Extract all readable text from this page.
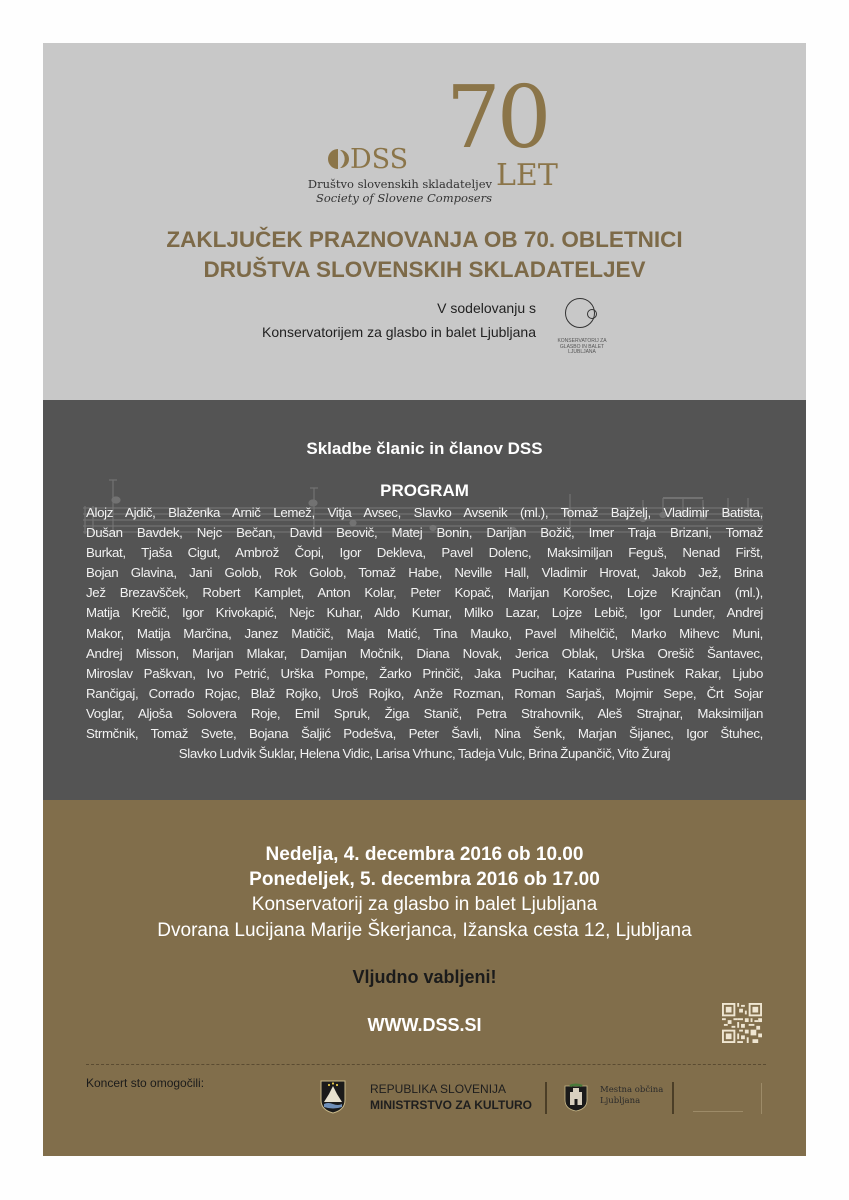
DSS 70
LET
Društvo slovenskih skladateljev
Society of Slovene Composers
ZAKLJUČEK PRAZNOVANJA OB 70. OBLETNICI
DRUŠTVA SLOVENSKIH SKLADATELJEV
V sodelovanju s
Konservatorijem za glasbo in balet Ljubljana
KONSERVATORIJ ZA
GLASBO IN BALET
LJUBLJANA
Skladbe članic in članov DSS
PROGRAM
Alojz Ajdič, Blaženka Arnič Lemež, Vitja Avsec, Slavko Avsenik (ml.), Tomaž Bajželj, Vladimir Batista,
Dušan Bavdek, Nejc Bečan, David Beovič, Matej Bonin, Darijan Božič, Imer Traja Brizani, Tomaž
Burkat, Tjaša Cigut, Ambrož Čopi, Igor Dekleva, Pavel Dolenc, Maksimiljan Feguš, Nenad Firšt,
Bojan Glavina, Jani Golob, Rok Golob, Tomaž Habe, Neville Hall, Vladimir Hrovat, Jakob Jež, Brina
Jež Brezavšček, Robert Kamplet, Anton Kolar, Peter Kopač, Marijan Korošec, Lojze Krajnčan (ml.),
Matija Krečič, Igor Krivokapić, Nejc Kuhar, Aldo Kumar, Milko Lazar, Lojze Lebič, Igor Lunder, Andrej
Makor, Matija Marčina, Janez Matičič, Maja Matić, Tina Mauko, Pavel Mihelčič, Marko Mihevc Muni,
Andrej Misson, Marijan Mlakar, Damijan Močnik, Diana Novak, Jerica Oblak, Urška Orešič Šantavec,
Miroslav Paškvan, Ivo Petrić, Urška Pompe, Žarko Prinčič, Jaka Pucihar, Katarina Pustinek Rakar, Ljubo
Rančigaj, Corrado Rojac, Blaž Rojko, Uroš Rojko, Anže Rozman, Roman Sarjaš, Mojmir Sepe, Črt Sojar
Voglar, Aljoša Solovera Roje, Emil Spruk, Žiga Stanič, Petra Strahovnik, Aleš Strajnar, Maksimiljan
Strmčnik, Tomaž Svete, Bojana Šaljić Podešva, Peter Šavli, Nina Šenk, Marjan Šijanec, Igor Štuhec,
Slavko Ludvik Šuklar, Helena Vidic, Larisa Vrhunc, Tadeja Vulc, Brina Župančič, Vito Žuraj
Nedelja, 4. decembra 2016 ob 10.00
Ponedeljek, 5. decembra 2016 ob 17.00
Konservatorij za glasbo in balet Ljubljana
Dvorana Lucijana Marije Škerjanca, Ižanska cesta 12, Ljubljana
Vljudno vabljeni!
WWW.DSS.SI
Koncert sto omogočili:	REPUBLIKA SLOVENIJA
MINISTRSTVO ZA KULTURO
Mestna občina
Ljubljana
